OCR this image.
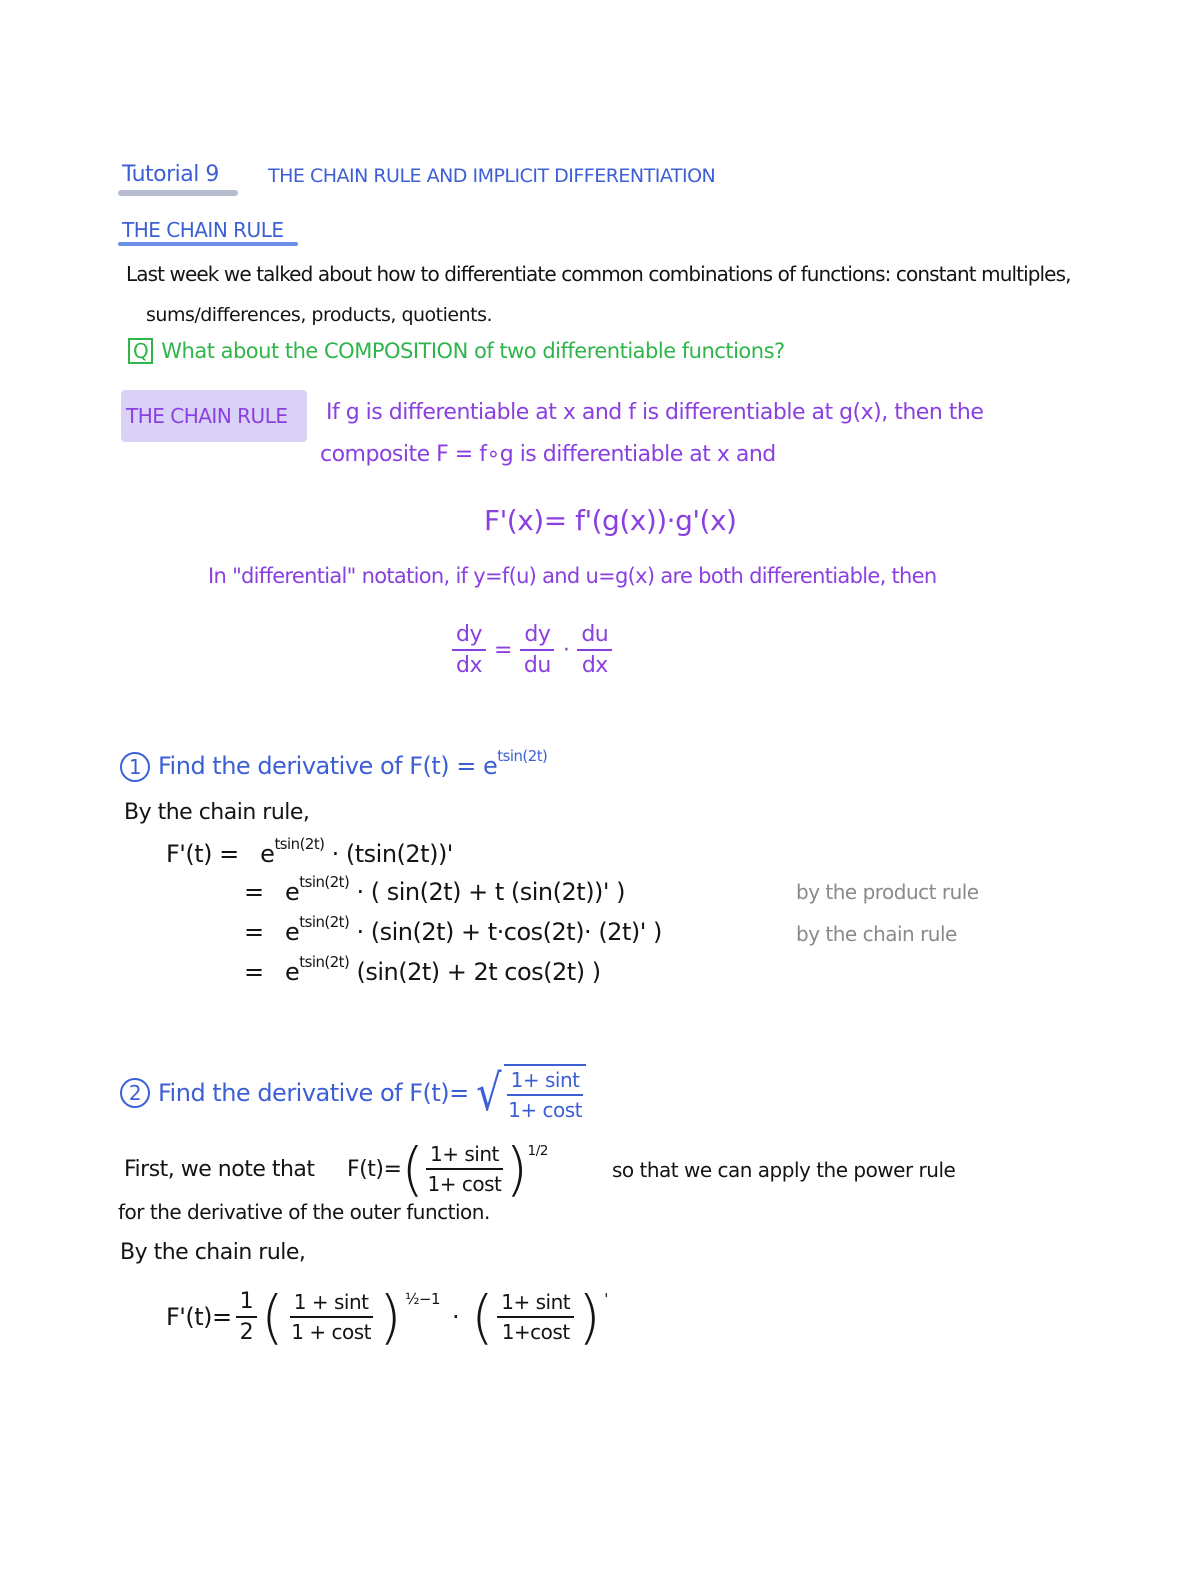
Tutorial 9	THE CHAIN RULE AND IMPLICIT DIFFERENTIATION
THE CHAIN RULE
Last week we talked about how to differentiate common combinations of functions: constant multiples,
sums/differences, products, quotients.
Q What about the COMPOSITION of two differentiable functions?
THE CHAIN RULE If g is differentiable at x and f is differentiable at g(x), then the
composite F = f∘g is differentiable at x and
F'(x)= f'(g(x))·g'(x)
In "differential" notation, if y=f(u) and u=g(x) are both differentiable, then
$\frac{dy}{dx} = \frac{dy}{du} \cdot \frac{du}{dx}$
1 Find the derivative of $F(t) = e^{tsin(2t)}$
By the chain rule,
$F'(t) = e^{tsin(2t)} \cdot (tsin(2t))'$
= $e^{tsin(2t)}$ · ( sin(2t) + t (sin(2t))' )	by the product rule
= $e^{tsin(2t)} \cdot (\sin(2t) + t\cdot\cos(2t)\cdot (2t)'$ )	by the chain rule
= $e^{tsin(2t)}$ (sin(2t) + 2t cos(2t) )
2 Find the derivative of F(t)= √ $\frac{1+ \sin t}{1+ \cos t}$
First, we note that
F(t)= ( $\frac{1+ \sin t}{1+ \cos t} )^{1/2}$
so that we can apply the power rule
for the derivative of the outer function.
By the chain rule,
$F'(t)= \frac{1}{2}$ ( $\frac{1 + \sin t}{1 + \cos t}$ ) $^{\frac{1}{2}-1}$
· ( $\frac{1+ \sin t}{1+\cos t}$ ) '
